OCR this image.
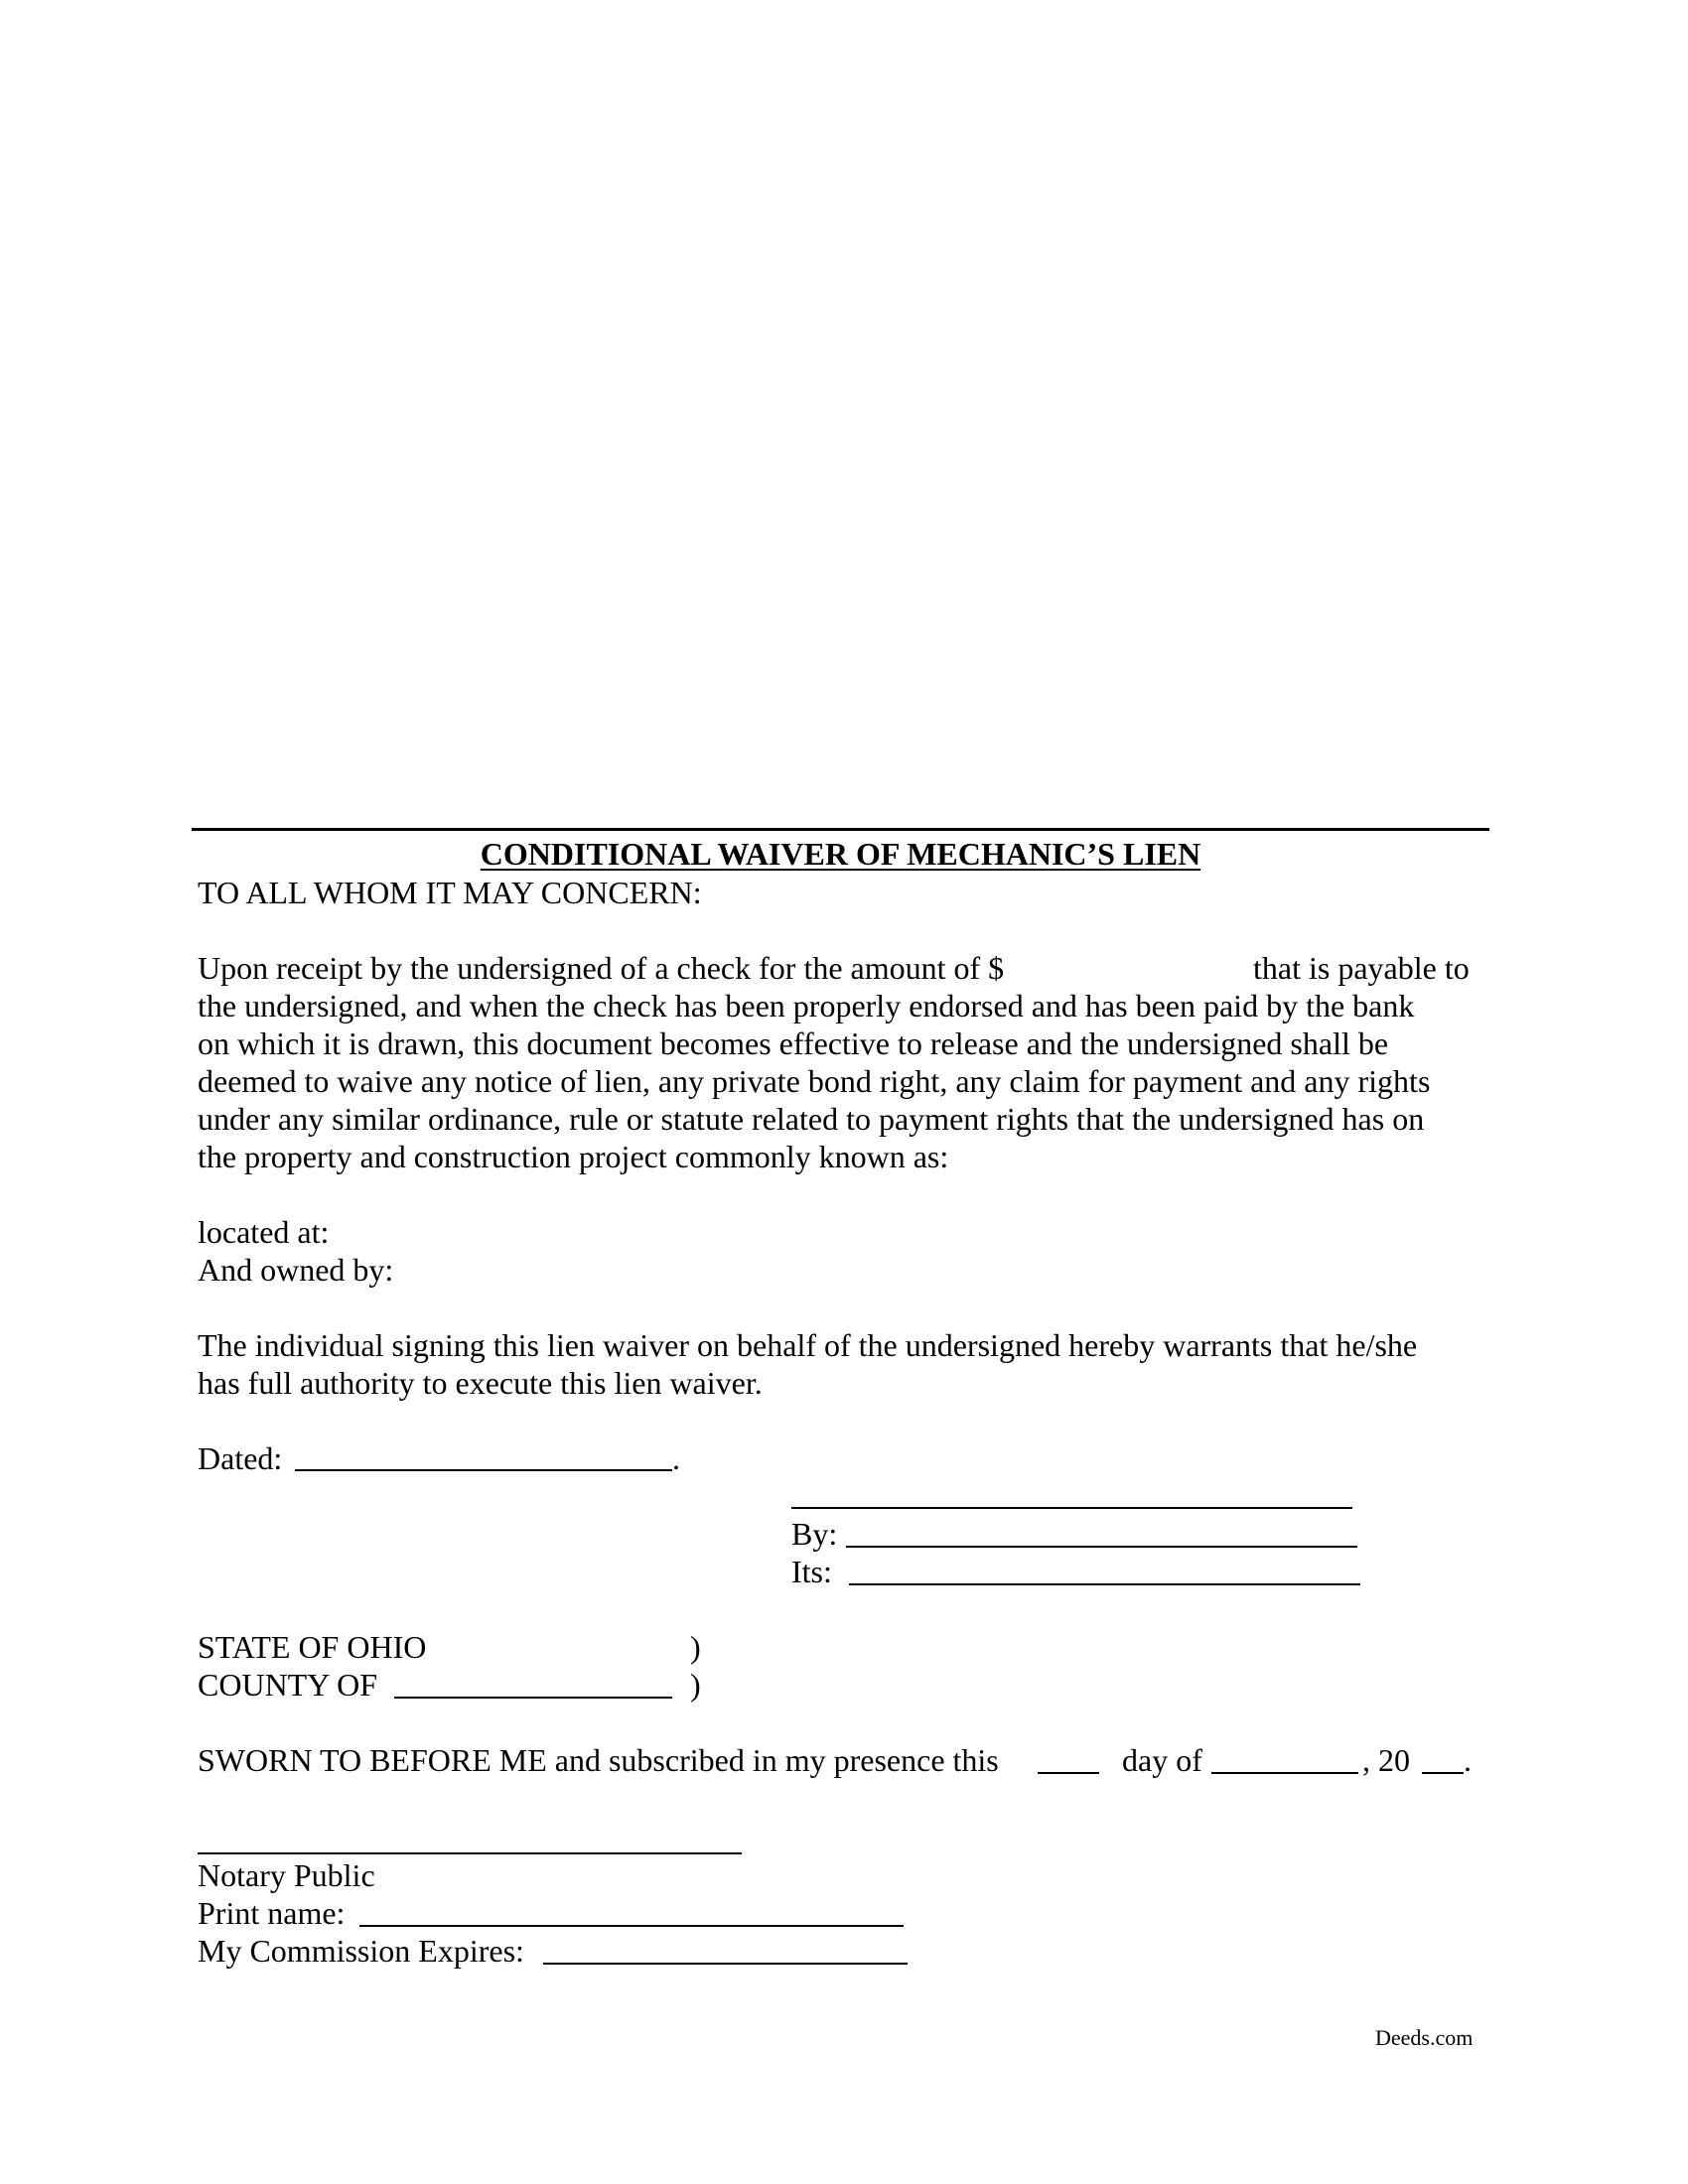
CONDITIONAL WAIVER OF MECHANIC’S LIEN
TO ALL WHOM IT MAY CONCERN:
Upon receipt by the undersigned of a check for the amount of $	that is payable to
the undersigned, and when the check has been properly endorsed and has been paid by the bank
on which it is drawn, this document becomes effective to release and the undersigned shall be
deemed to waive any notice of lien, any private bond right, any claim for payment and any rights
under any similar ordinance, rule or statute related to payment rights that the undersigned has on
the property and construction project commonly known as:
located at:
And owned by:
The individual signing this lien waiver on behalf of the undersigned hereby warrants that he/she
has full authority to execute this lien waiver.
Dated:	.
By:
Its:
STATE OF OHIO	)
COUNTY OF	)
SWORN TO BEFORE ME and subscribed in my presence this	day of	, 20 .
Notary Public
Print name:
My Commission Expires:
Deeds.com
